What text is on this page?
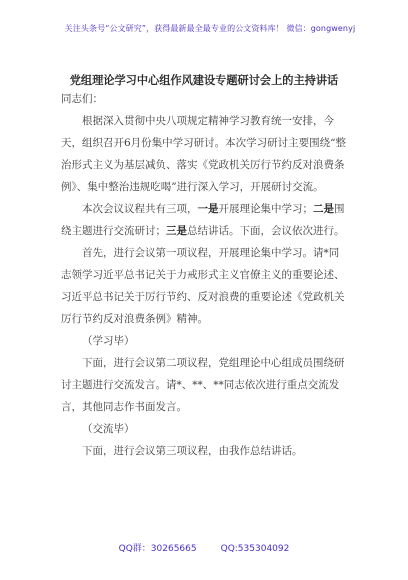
关注头条号“公文研究”，获得最新最全最专业的公文资料库！ 微信：gongwenyj
党组理论学习中心组作风建设专题研讨会上的主持讲话

同志们：

根据深入贯彻中央八项规定精神学习教育统一安排，今天，组织召开6月份集中学习研讨。本次学习研讨主要围绕“整治形式主义为基层减负、落实《党政机关厉行节约反对浪费条例》、集中整治违规吃喝”进行深入学习，开展研讨交流。

本次会议议程共有三项，一是开展理论集中学习；二是围绕主题进行交流研讨；三是总结讲话。下面，会议依次进行。

首先，进行会议第一项议程，开展理论集中学习。请*同志领学习近平总书记关于力戒形式主义官僚主义的重要论述、习近平总书记关于厉行节约、反对浪费的重要论述《党政机关厉行节约反对浪费条例》精神。

（学习毕）

下面，进行会议第二项议程，党组理论中心组成员围绕研讨主题进行交流发言。请*、**、**同志依次进行重点交流发言，其他同志作书面发言。

（交流毕）

下面，进行会议第三项议程，由我作总结讲话。

QQ群：30265665	QQ:535304092
